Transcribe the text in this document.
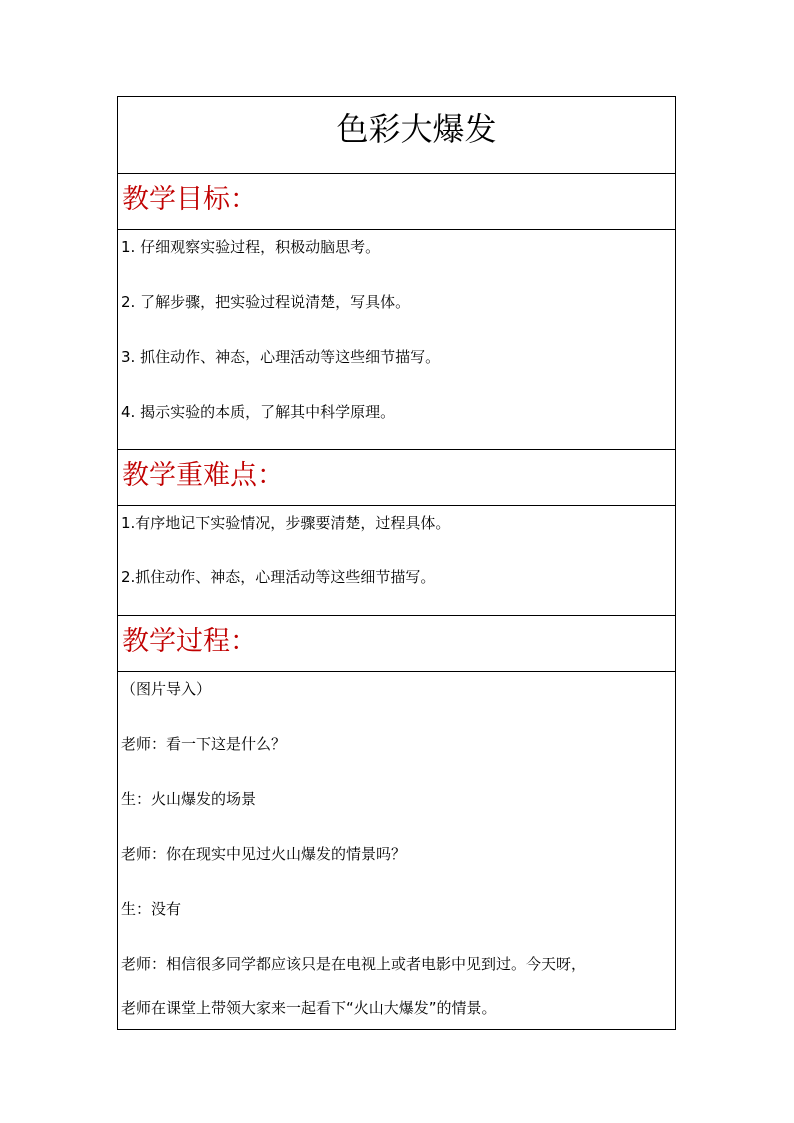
色彩大爆发
教学目标：
1. 仔细观察实验过程，积极动脑思考。
2. 了解步骤，把实验过程说清楚，写具体。
3. 抓住动作、神态，心理活动等这些细节描写。
4. 揭示实验的本质，了解其中科学原理。
教学重难点：
1.有序地记下实验情况，步骤要清楚，过程具体。
2.抓住动作、神态，心理活动等这些细节描写。
教学过程：
（图片导入）
老师：看一下这是什么？
生：火山爆发的场景
老师：你在现实中见过火山爆发的情景吗？
生：没有
老师：相信很多同学都应该只是在电视上或者电影中见到过。今天呀，
老师在课堂上带领大家来一起看下“火山大爆发”的情景。
